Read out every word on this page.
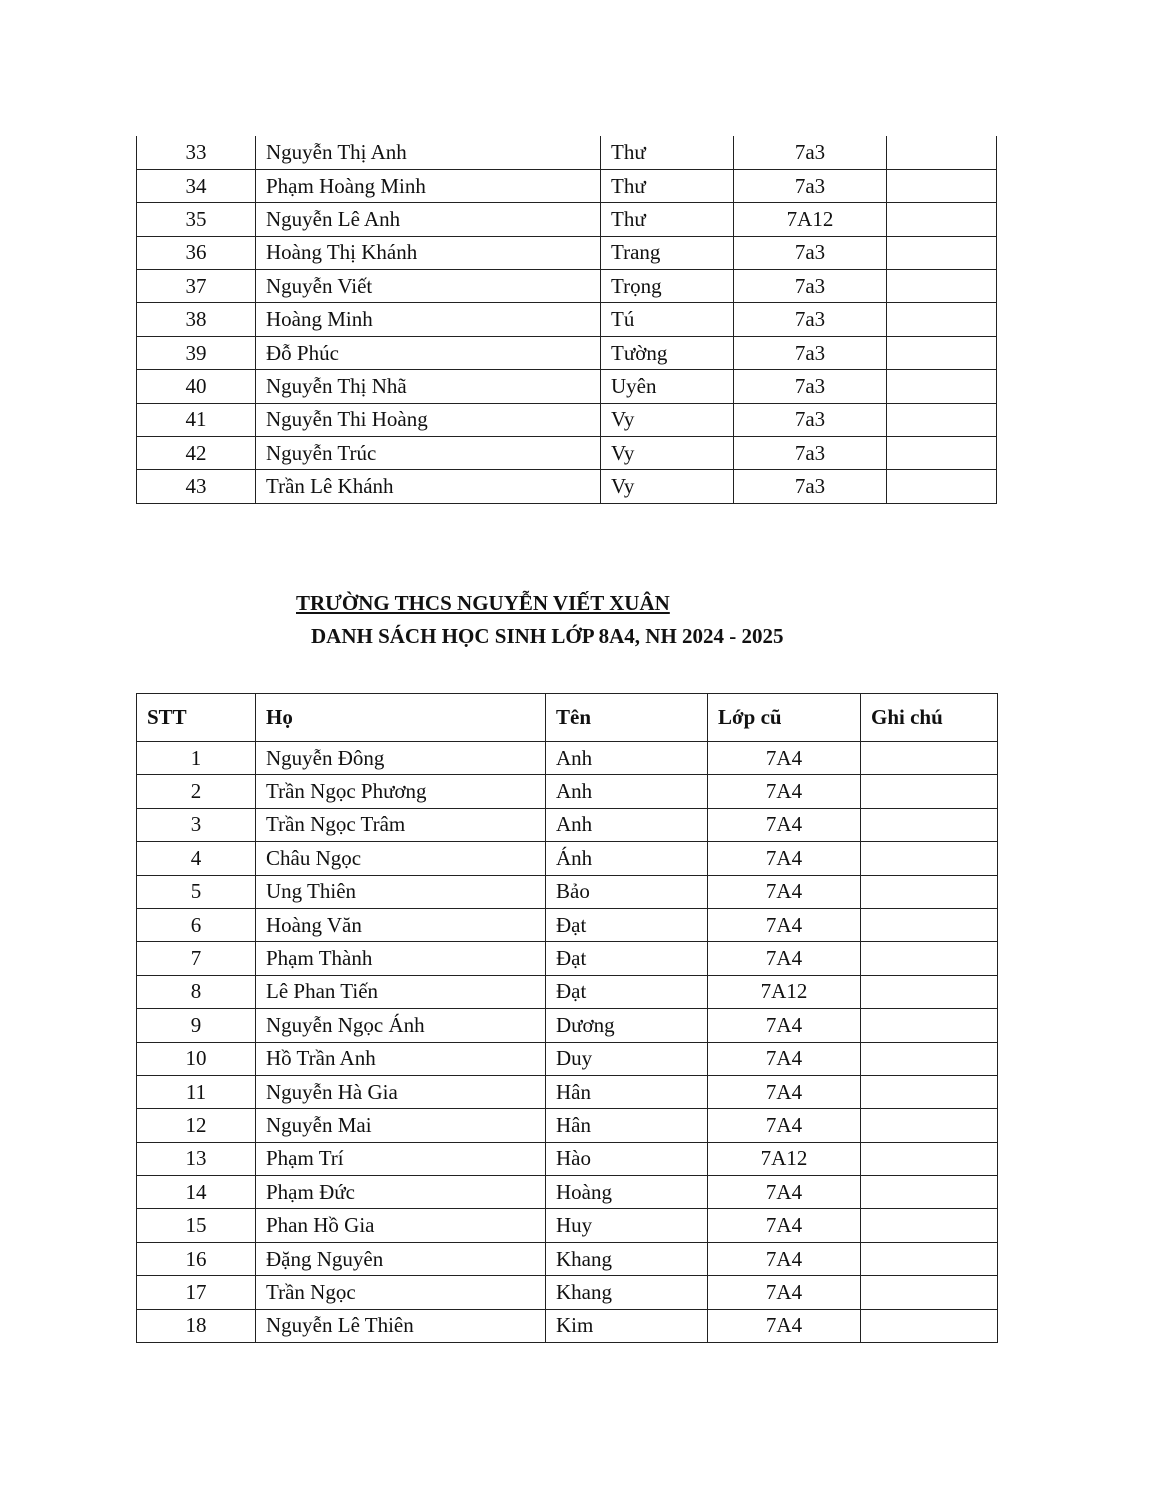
33	Nguyễn Thị Anh	Thư	7a3	
34	Phạm Hoàng Minh	Thư	7a3	
35	Nguyễn Lê Anh	Thư	7A12	
36	Hoàng Thị Khánh	Trang	7a3	
37	Nguyễn Viết	Trọng	7a3	
38	Hoàng Minh	Tú	7a3	
39	Đỗ Phúc	Tường	7a3	
40	Nguyễn Thị Nhã	Uyên	7a3	
41	Nguyễn Thi Hoàng	Vy	7a3	
42	Nguyễn Trúc	Vy	7a3	
43	Trần Lê Khánh	Vy	7a3	
TRƯỜNG THCS NGUYỄN VIẾT XUÂN
DANH SÁCH HỌC SINH LỚP 8A4, NH 2024 - 2025
STT	Họ	Tên	Lớp cũ	Ghi chú
1	Nguyễn Đông	Anh	7A4	
2	Trần Ngọc Phương	Anh	7A4	
3	Trần Ngọc Trâm	Anh	7A4	
4	Châu Ngọc	Ánh	7A4	
5	Ung Thiên	Bảo	7A4	
6	Hoàng Văn	Đạt	7A4	
7	Phạm Thành	Đạt	7A4	
8	Lê Phan Tiến	Đạt	7A12	
9	Nguyễn Ngọc Ánh	Dương	7A4	
10	Hồ Trần Anh	Duy	7A4	
11	Nguyễn Hà Gia	Hân	7A4	
12	Nguyễn Mai	Hân	7A4	
13	Phạm Trí	Hào	7A12	
14	Phạm Đức	Hoàng	7A4	
15	Phan Hồ Gia	Huy	7A4	
16	Đặng Nguyên	Khang	7A4	
17	Trần Ngọc	Khang	7A4	
18	Nguyễn Lê Thiên	Kim	7A4	
